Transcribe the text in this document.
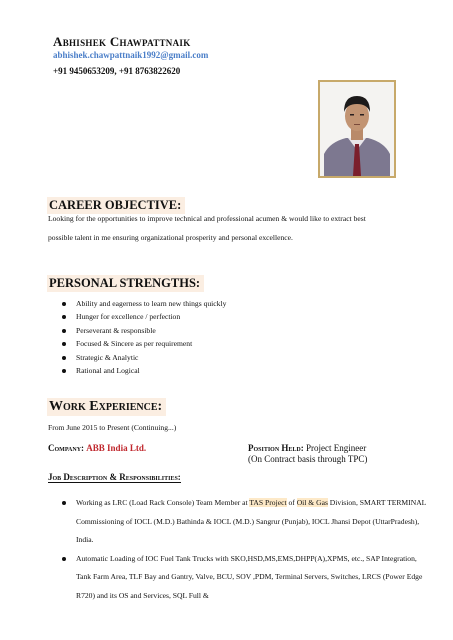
Abhishek Chawpattnaik
abhishek.chawpattnaik1992@gmail.com
+91 9450653209, +91 8763822620
CAREER OBJECTIVE:
Looking for the opportunities to improve technical and professional acumen & would like to extract best
possible talent in me ensuring organizational prosperity and personal excellence.
PERSONAL STRENGTHS:
Ability and eagerness to learn new things quickly
Hunger for excellence / perfection
Perseverant & responsible
Focused & Sincere as per requirement
Strategic & Analytic
Rational and Logical
Work Experience:
From June 2015 to Present (Continuing...)
Company: ABB India Ltd.	Position Held: Project Engineer
(On Contract basis through TPC)
Job Description & Responsibilities:
Working as LRC (Load Rack Console) Team Member at TAS Project of Oil & Gas Division, SMART TERMINAL Commissioning of IOCL (M.D.) Bathinda & IOCL (M.D.) Sangrur (Punjab), IOCL Jhansi Depot (UttarPradesh), India.
Automatic Loading of IOC Fuel Tank Trucks with SKO,HSD,MS,EMS,DHPP(A),XPMS, etc., SAP Integration, Tank Farm Area, TLF Bay and Gantry, Valve, BCU, SOV ,PDM, Terminal Servers, Switches, LRCS (Power Edge R720) and its OS and Services, SQL Full &
